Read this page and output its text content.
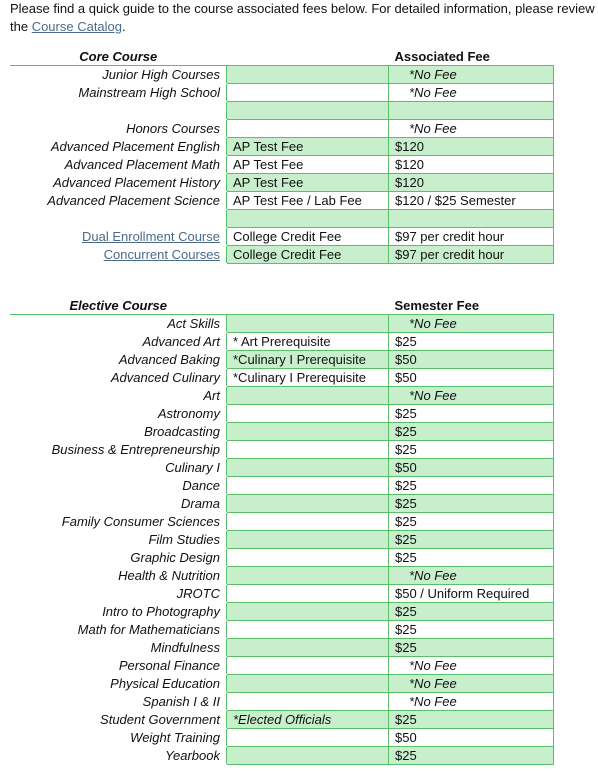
Please find a quick guide to the course associated fees below. For detailed information, please review the Course Catalog.
Core Course		Associated Fee
Junior High Courses		*No Fee
Mainstream High School		*No Fee

Honors Courses		*No Fee
Advanced Placement English	AP Test Fee	$120
Advanced Placement Math	AP Test Fee	$120
Advanced Placement History	AP Test Fee	$120
Advanced Placement Science	AP Test Fee / Lab Fee	$120 / $25 Semester

Dual Enrollment Course	College Credit Fee	$97 per credit hour
Concurrent Courses	College Credit Fee	$97 per credit hour
Elective Course		Semester Fee
Act Skills		*No Fee
Advanced Art	* Art Prerequisite	$25
Advanced Baking	*Culinary I Prerequisite	$50
Advanced Culinary	*Culinary I Prerequisite	$50
Art		*No Fee
Astronomy		$25
Broadcasting		$25
Business & Entrepreneurship		$25
Culinary I		$50
Dance		$25
Drama		$25
Family Consumer Sciences		$25
Film Studies		$25
Graphic Design		$25
Health & Nutrition		*No Fee
JROTC		$50 / Uniform Required
Intro to Photography		$25
Math for Mathematicians		$25
Mindfulness		$25
Personal Finance		*No Fee
Physical Education		*No Fee
Spanish I & II		*No Fee
Student Government	*Elected Officials	$25
Weight Training		$50
Yearbook		$25
